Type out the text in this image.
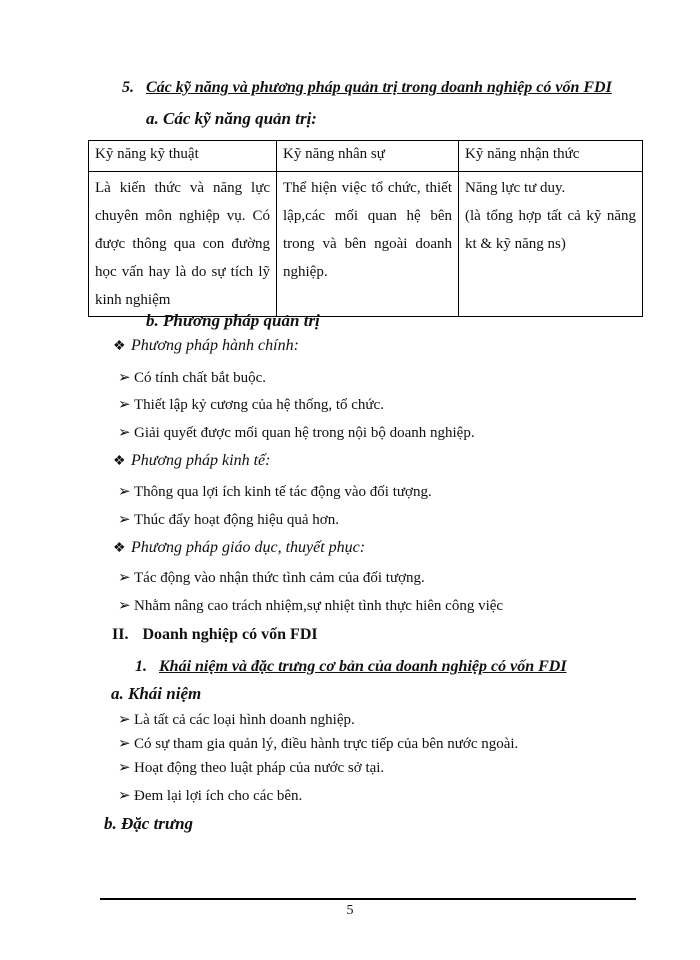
5. Các kỹ năng và phương pháp quản trị trong doanh nghiệp có vốn FDI
a. Các kỹ năng quản trị:
Kỹ năng kỹ thuật	Kỹ năng nhân sự	Kỹ năng nhận thức

Là kiến thức và năng lực chuyên môn nghiệp vụ. Có được thông qua con đường học vấn hay là do sự tích lỹ kinh nghiệm	Thể hiện việc tổ chức, thiết lập,các mối quan hệ bên trong và bên ngoài doanh nghiệp.	Năng lực tư duy.
(là tổng hợp tất cả kỹ năng kt & kỹ năng ns)
b. Phương pháp quản trị
❖ Phương pháp hành chính:
➢ Có tính chất bắt buộc.
➢ Thiết lập kỷ cương của hệ thống, tổ chức.
➢ Giải quyết được mối quan hệ trong nội bộ doanh nghiệp.
❖ Phương pháp kinh tế:
➢ Thông qua lợi ích kinh tế tác động vào đối tượng.
➢ Thúc đẩy hoạt động hiệu quả hơn.
❖ Phương pháp giáo dục, thuyết phục:
➢ Tác động vào nhận thức tình cảm của đối tượng.
➢ Nhằm nâng cao trách nhiệm,sự nhiệt tình thực hiên công việc
II. Doanh nghiệp có vốn FDI
1. Khái niệm và đặc trưng cơ bản của doanh nghiệp có vốn FDI
a. Khái niệm
➢ Là tất cả các loại hình doanh nghiệp.
➢ Có sự tham gia quản lý, điều hành trực tiếp của bên nước ngoài.
➢ Hoạt động theo luật pháp của nước sở tại.
➢ Đem lại lợi ích cho các bên.
b. Đặc trưng
5
